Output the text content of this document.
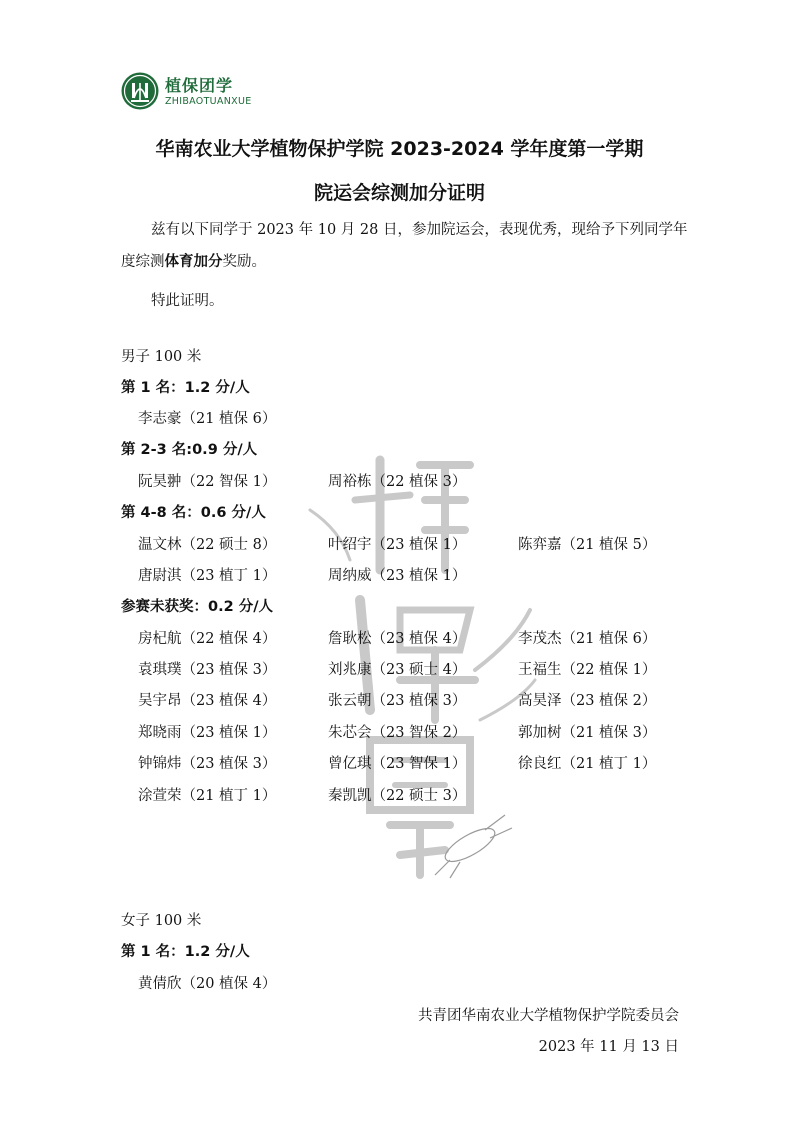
植保团学
ZHIBAOTUANXUE
华南农业大学植物保护学院 2023-2024 学年度第一学期
院运会综测加分证明
兹有以下同学于 2023 年 10 月 28 日，参加院运会，表现优秀，现给予下列同学年度综测体育加分奖励。
特此证明。
男子 100 米
第 1 名：1.2 分/人
李志豪（21 植保 6）
第 2-3 名:0.9 分/人
阮昊翀（22 智保 1）	周裕栋（22 植保 3）
第 4-8 名：0.6 分/人
温文林（22 硕士 8）	叶绍宇（23 植保 1）	陈弈嘉（21 植保 5）
唐尉淇（23 植丁 1）	周纳威（23 植保 1）
参赛未获奖：0.2 分/人
房杞航（22 植保 4）	詹耿松（23 植保 4）	李茂杰（21 植保 6）
袁琪璞（23 植保 3）	刘兆康（23 硕士 4）	王福生（22 植保 1）
吴宇昂（23 植保 4）	张云朝（23 植保 3）	高昊泽（23 植保 2）
郑晓雨（23 植保 1）	朱芯会（23 智保 2）	郭加树（21 植保 3）
钟锦炜（23 植保 3）	曾亿琪（23 智保 1）	徐良红（21 植丁 1）
涂萱荣（21 植丁 1）	秦凯凯（22 硕士 3）
女子 100 米
第 1 名：1.2 分/人
黄倩欣（20 植保 4）
共青团华南农业大学植物保护学院委员会
2023 年 11 月 13 日
